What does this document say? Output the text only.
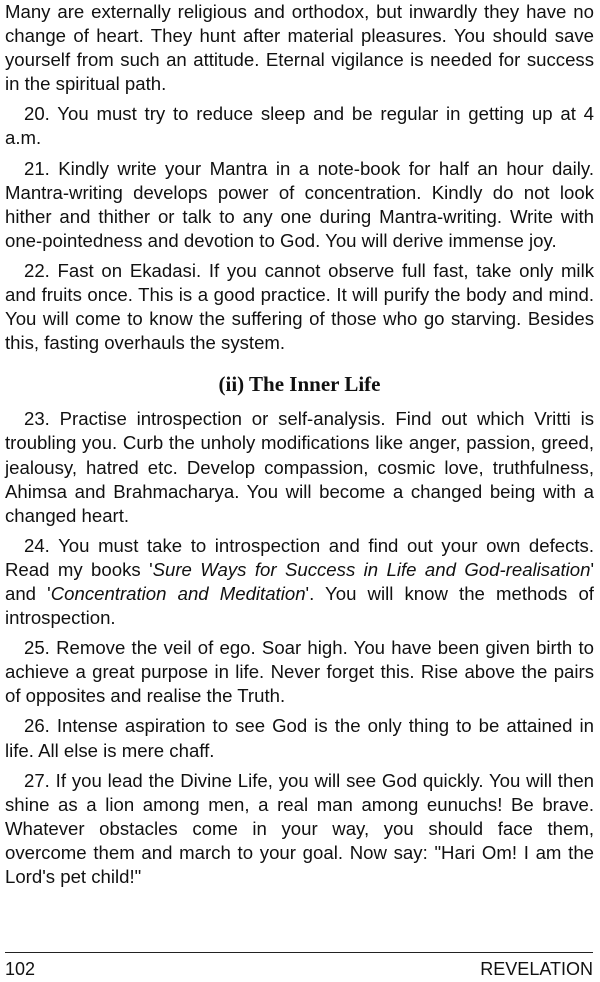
Many are externally religious and orthodox, but inwardly they have no change of heart. They hunt after material pleasures. You should save yourself from such an attitude. Eternal vigilance is needed for success in the spiritual path.

20. You must try to reduce sleep and be regular in getting up at 4 a.m.

21. Kindly write your Mantra in a note-book for half an hour daily. Mantra-writing develops power of concentration. Kindly do not look hither and thither or talk to any one during Mantra-writing. Write with one-pointedness and devotion to God. You will derive immense joy.

22. Fast on Ekadasi. If you cannot observe full fast, take only milk and fruits once. This is a good practice. It will purify the body and mind. You will come to know the suffering of those who go starving. Besides this, fasting overhauls the system.

(ii) The Inner Life

23. Practise introspection or self-analysis. Find out which Vritti is troubling you. Curb the unholy modifications like anger, passion, greed, jealousy, hatred etc. Develop compassion, cosmic love, truthfulness, Ahimsa and Brahmacharya. You will become a changed being with a changed heart.

24. You must take to introspection and find out your own defects. Read my books 'Sure Ways for Success in Life and God-realisation' and 'Concentration and Meditation'. You will know the methods of introspection.

25. Remove the veil of ego. Soar high. You have been given birth to achieve a great purpose in life. Never forget this. Rise above the pairs of opposites and realise the Truth.

26. Intense aspiration to see God is the only thing to be attained in life. All else is mere chaff.

27. If you lead the Divine Life, you will see God quickly. You will then shine as a lion among men, a real man among eunuchs! Be brave. Whatever obstacles come in your way, you should face them, overcome them and march to your goal. Now say: "Hari Om! I am the Lord's pet child!"

102	REVELATION
